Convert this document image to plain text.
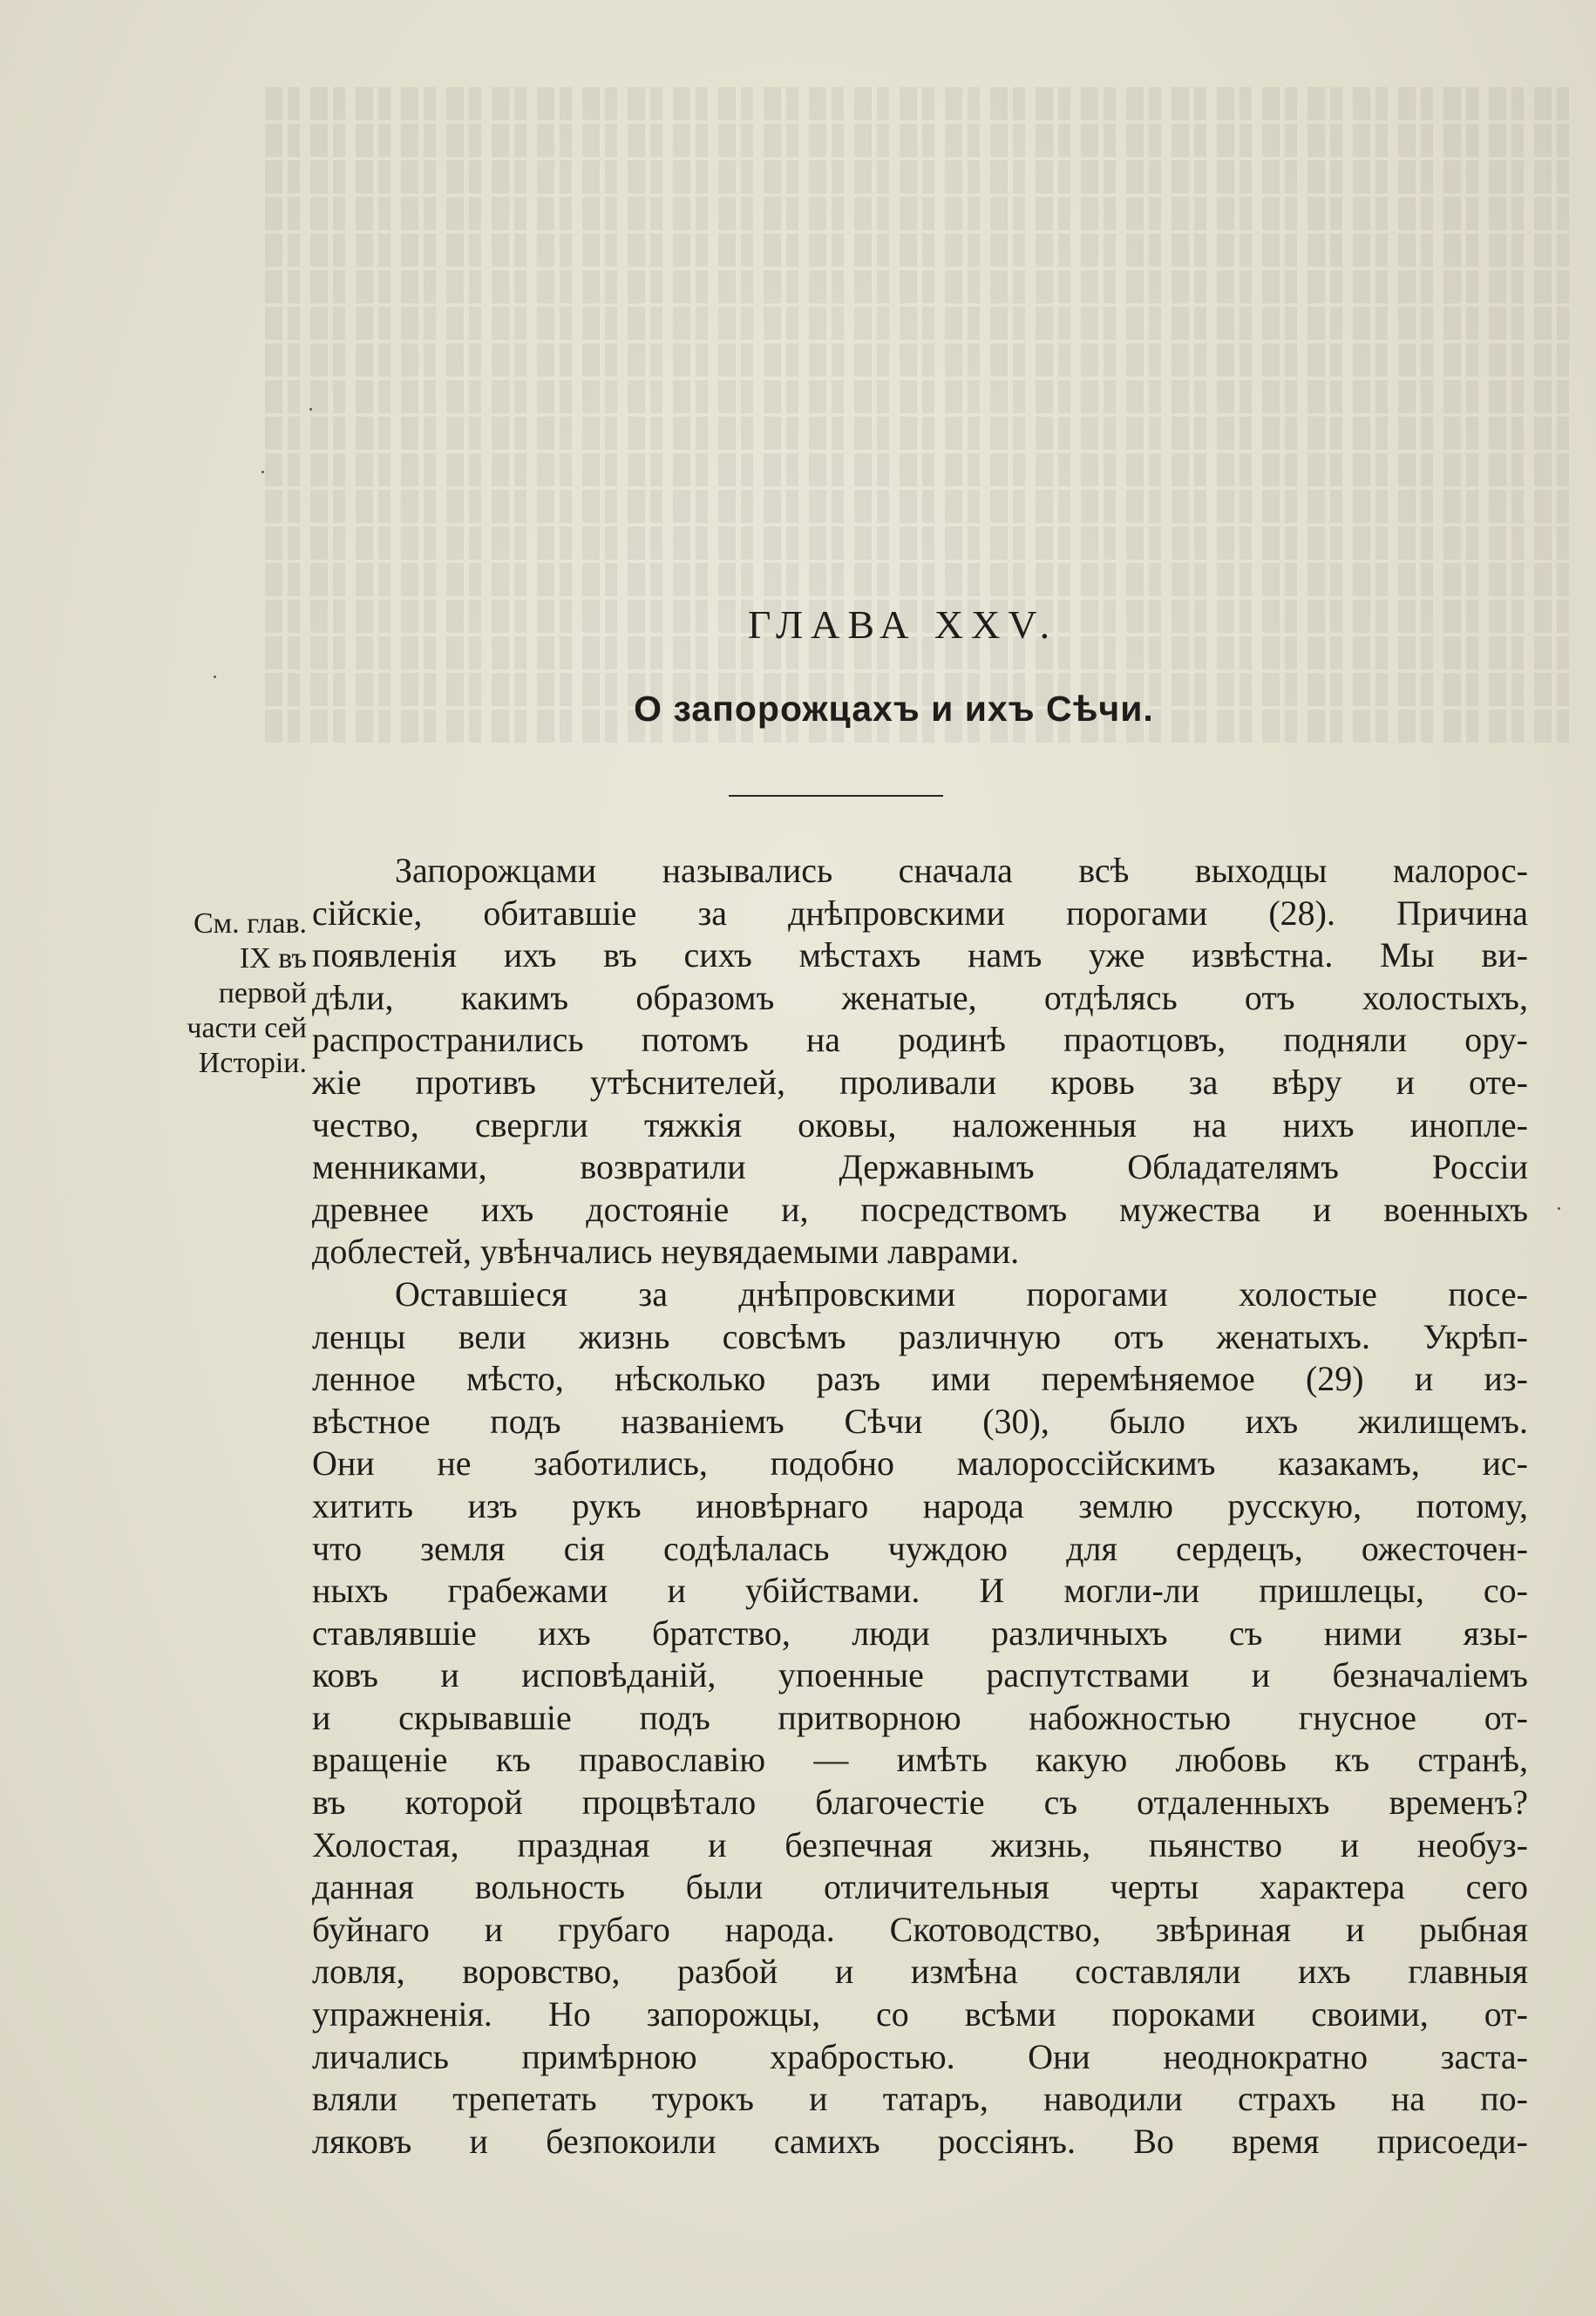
ГЛАВА XXV.
О запорожцахъ и ихъ Сѣчи.
См. глав.
IX въ
первой
части сей
Исторіи.
Запорожцами назывались сначала всѣ выходцы малорос-
сійскіе, обитавшіе за днѣпровскими порогами (28). Причина
появленія ихъ въ сихъ мѣстахъ намъ уже извѣстна. Мы ви-
дѣли, какимъ образомъ женатые, отдѣлясь отъ холостыхъ,
распространились потомъ на родинѣ праотцовъ, подняли ору-
жіе противъ утѣснителей, проливали кровь за вѣру и оте-
чество, свергли тяжкія оковы, наложенныя на нихъ инопле-
менниками, возвратили Державнымъ Обладателямъ Россіи
древнее ихъ достояніе и, посредствомъ мужества и военныхъ
доблестей, увѣнчались неувядаемыми лаврами.
Оставшіеся за днѣпровскими порогами холостые посе-
ленцы вели жизнь совсѣмъ различную отъ женатыхъ. Укрѣп-
ленное мѣсто, нѣсколько разъ ими перемѣняемое (29) и из-
вѣстное подъ названіемъ Сѣчи (30), было ихъ жилищемъ.
Они не заботились, подобно малороссійскимъ казакамъ, ис-
хитить изъ рукъ иновѣрнаго народа землю русскую, потому,
что земля сія содѣлалась чуждою для сердецъ, ожесточен-
ныхъ грабежами и убійствами. И могли-ли пришлецы, со-
ставлявшіе ихъ братство, люди различныхъ съ ними язы-
ковъ и исповѣданій, упоенные распутствами и безначаліемъ
и скрывавшіе подъ притворною набожностью гнусное от-
вращеніе къ православію — имѣть какую любовь къ странѣ,
въ которой процвѣтало благочестіе съ отдаленныхъ временъ?
Холостая, праздная и безпечная жизнь, пьянство и необуз-
данная вольность были отличительныя черты характера сего
буйнаго и грубаго народа. Скотоводство, звѣриная и рыбная
ловля, воровство, разбой и измѣна составляли ихъ главныя
упражненія. Но запорожцы, со всѣми пороками своими, от-
личались примѣрною храбростью. Они неоднократно заста-
вляли трепетать турокъ и татаръ, наводили страхъ на по-
ляковъ и безпокоили самихъ россіянъ. Во время присоеди-
